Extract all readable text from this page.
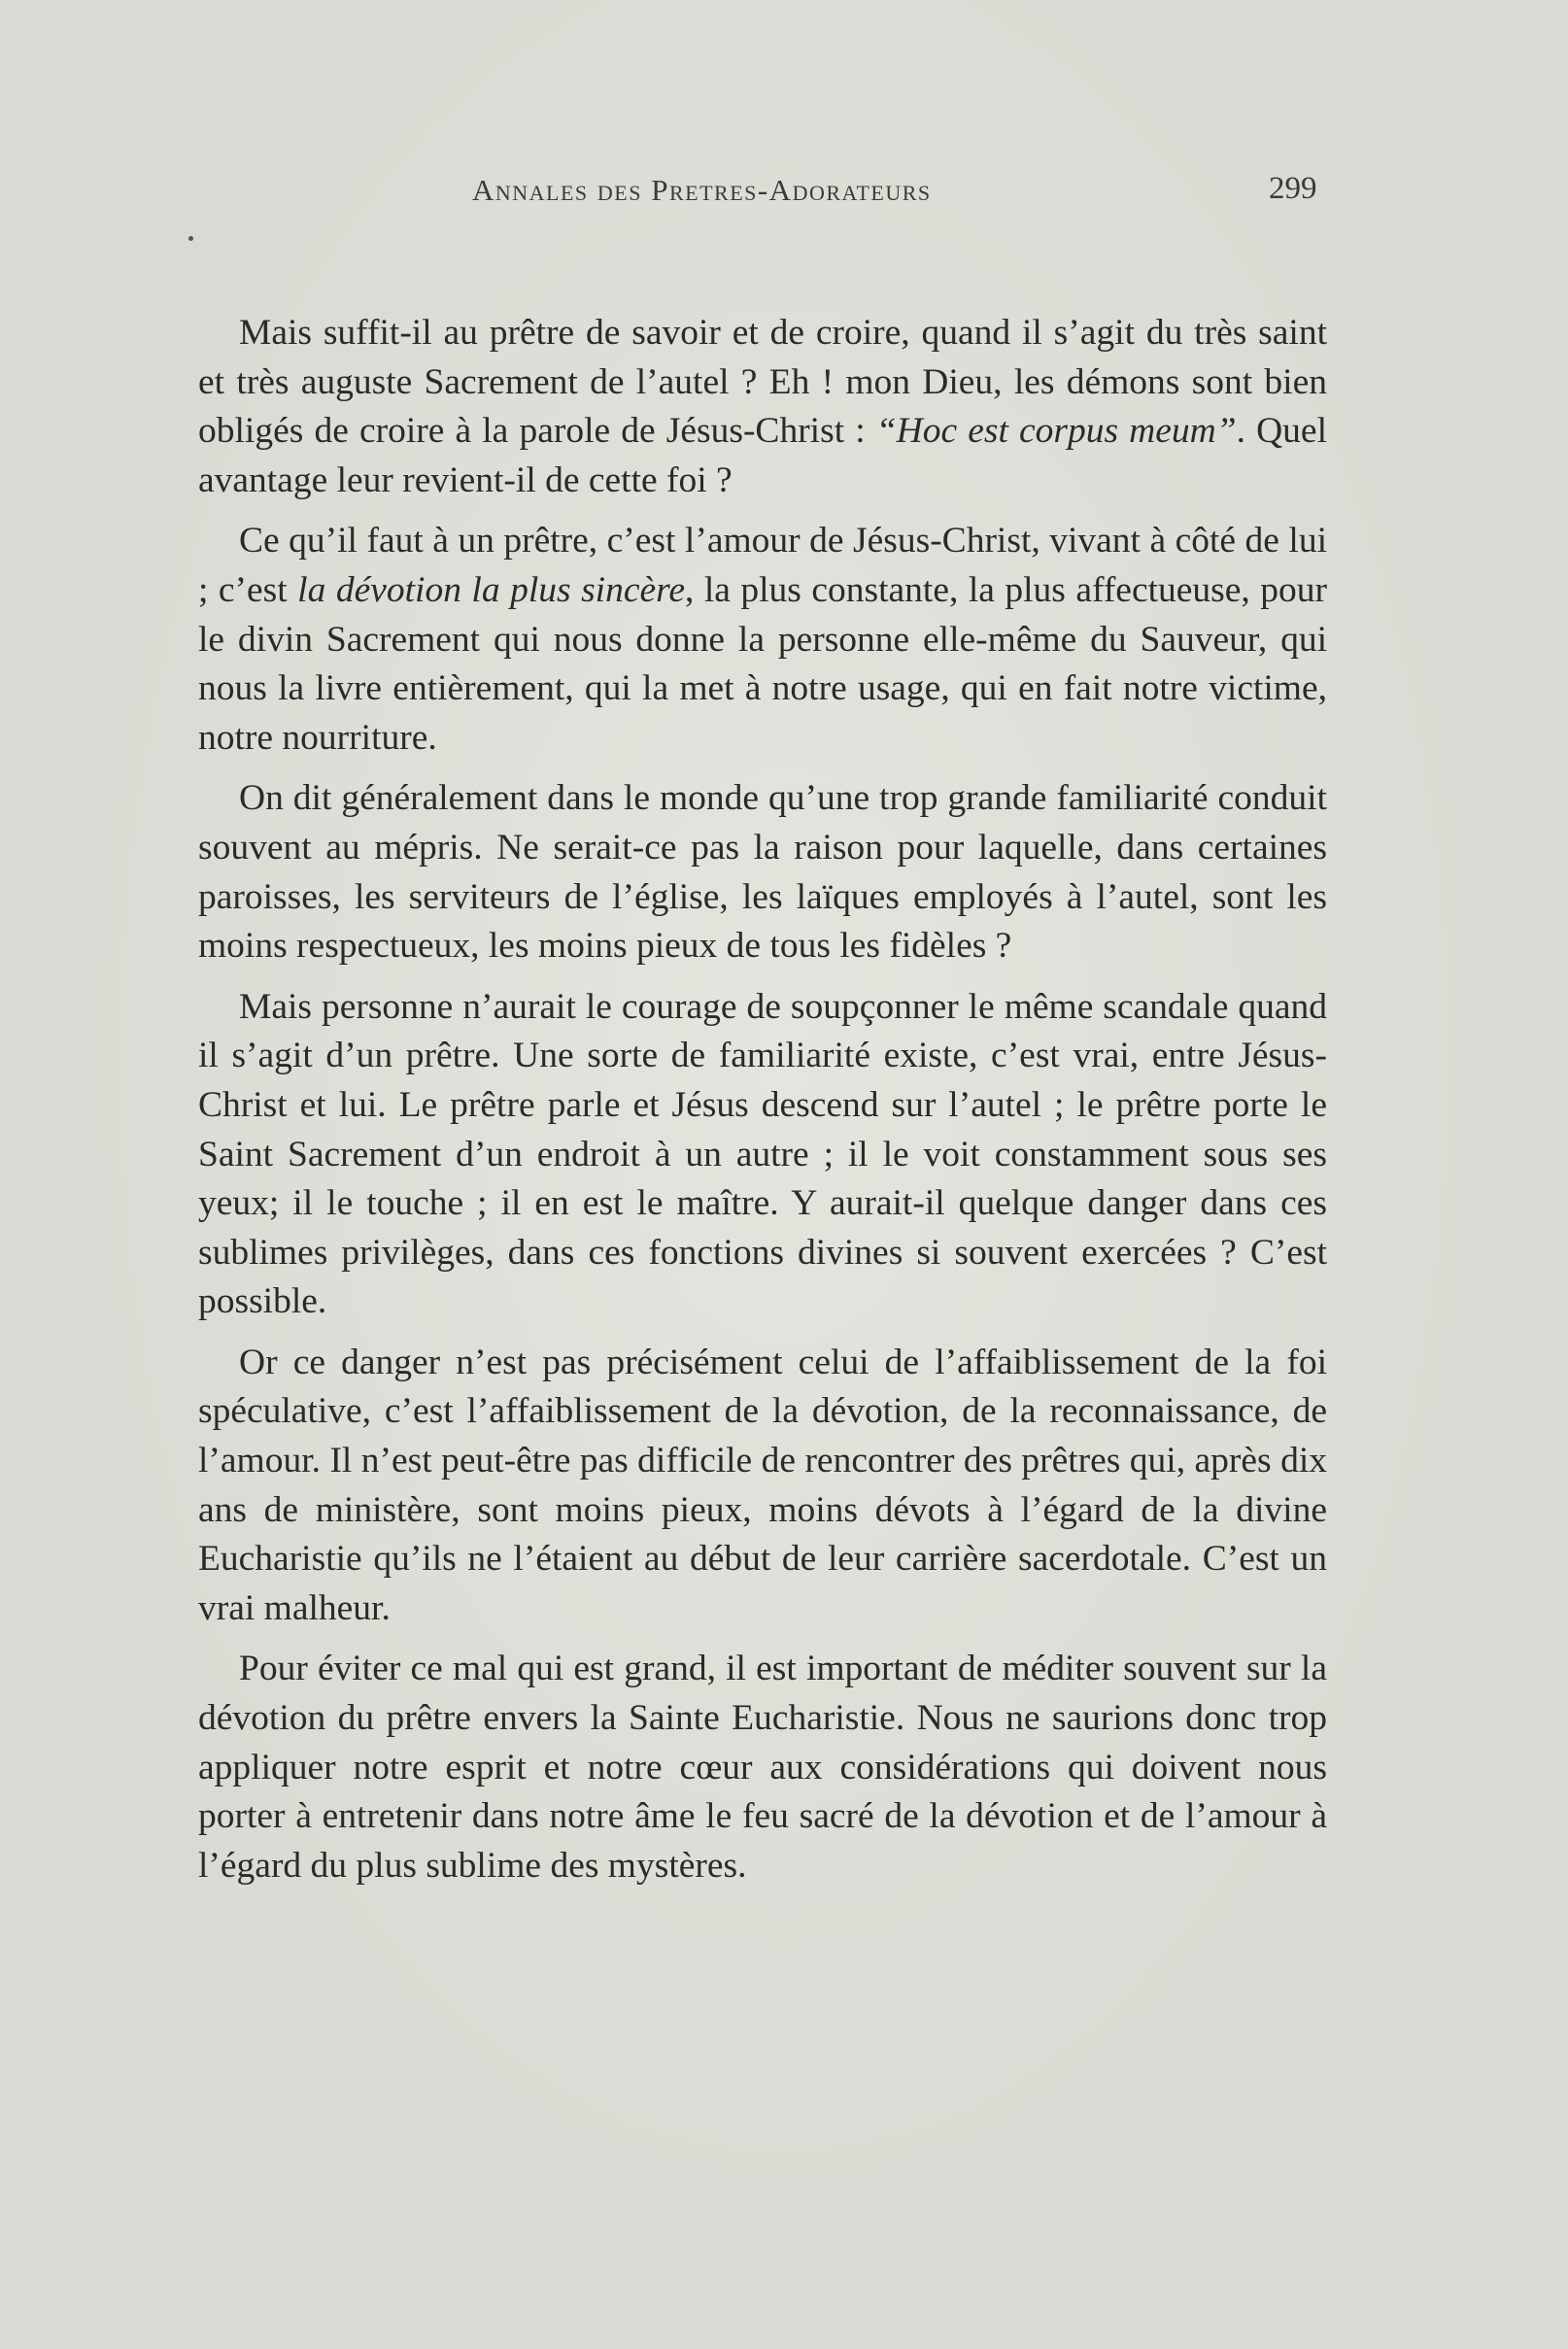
Annales des Pretres-Adorateurs	299

Mais suffit-il au prêtre de savoir et de croire, quand il s’agit du très saint et très auguste Sacrement de l’autel ? Eh ! mon Dieu, les démons sont bien obligés de croire à la parole de Jésus-Christ : “Hoc est corpus meum”. Quel avantage leur revient-il de cette foi ?

Ce qu’il faut à un prêtre, c’est l’amour de Jésus-Christ, vivant à côté de lui ; c’est la dévotion la plus sincère, la plus constante, la plus affectueuse, pour le divin Sacrement qui nous donne la personne elle-même du Sauveur, qui nous la livre entièrement, qui la met à notre usage, qui en fait notre victime, notre nourriture.

On dit généralement dans le monde qu’une trop grande familiarité conduit souvent au mépris. Ne serait-ce pas la raison pour laquelle, dans certaines paroisses, les serviteurs de l’église, les laïques employés à l’autel, sont les moins respectueux, les moins pieux de tous les fidèles ?

Mais personne n’aurait le courage de soupçonner le même scandale quand il s’agit d’un prêtre. Une sorte de familiarité existe, c’est vrai, entre Jésus-Christ et lui. Le prêtre parle et Jésus descend sur l’autel ; le prêtre porte le Saint Sacrement d’un endroit à un autre ; il le voit constamment sous ses yeux; il le touche ; il en est le maître. Y aurait-il quelque danger dans ces sublimes privilèges, dans ces fonctions divines si souvent exercées ? C’est possible.

Or ce danger n’est pas précisément celui de l’affaiblissement de la foi spéculative, c’est l’affaiblissement de la dévotion, de la reconnaissance, de l’amour. Il n’est peut-être pas difficile de rencontrer des prêtres qui, après dix ans de ministère, sont moins pieux, moins dévots à l’égard de la divine Eucharistie qu’ils ne l’étaient au début de leur carrière sacerdotale. C’est un vrai malheur.

Pour éviter ce mal qui est grand, il est important de méditer souvent sur la dévotion du prêtre envers la Sainte Eucharistie. Nous ne saurions donc trop appliquer notre esprit et notre cœur aux considérations qui doivent nous porter à entretenir dans notre âme le feu sacré de la dévotion et de l’amour à l’égard du plus sublime des mystères.
